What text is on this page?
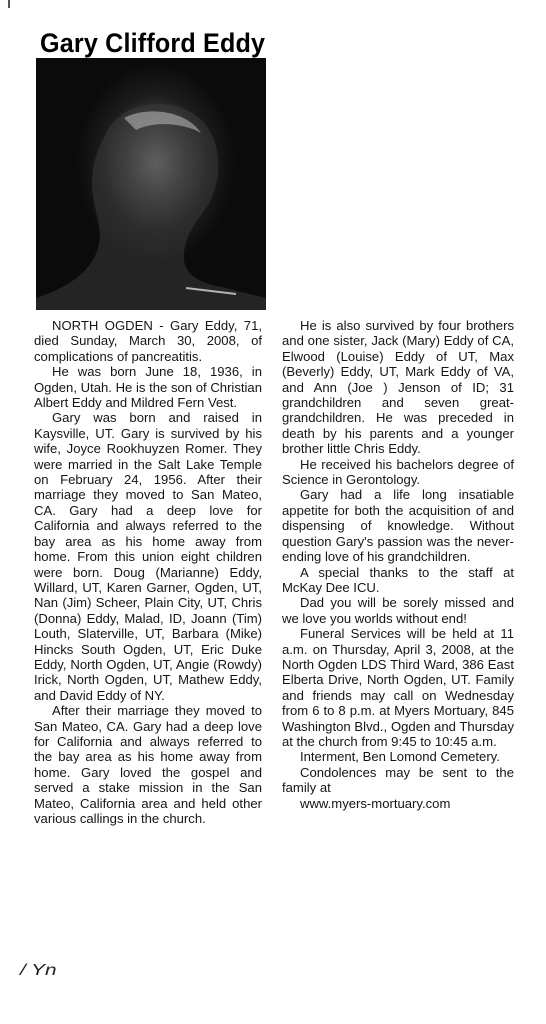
Gary Clifford Eddy

NORTH OGDEN - Gary Eddy, 71, died Sunday, March 30, 2008, of complications of pancreatitis.

He was born June 18, 1936, in Ogden, Utah. He is the son of Christian Albert Eddy and Mildred Fern Vest.

Gary was born and raised in Kaysville, UT. Gary is survived by his wife, Joyce Rookhuyzen Romer. They were married in the Salt Lake Temple on February 24, 1956. After their marriage they moved to San Mateo, CA. Gary had a deep love for California and always referred to the bay area as his home away from home. From this union eight children were born. Doug (Marianne) Eddy, Willard, UT, Karen Garner, Ogden, UT, Nan (Jim) Scheer, Plain City, UT, Chris (Donna) Eddy, Malad, ID, Joann (Tim) Louth, Slaterville, UT, Barbara (Mike) Hincks South Ogden, UT, Eric Duke Eddy, North Ogden, UT, Angie (Rowdy) Irick, North Ogden, UT, Mathew Eddy, and David Eddy of NY.

After their marriage they moved to San Mateo, CA. Gary had a deep love for California and always referred to the bay area as his home away from home. Gary loved the gospel and served a stake mission in the San Mateo, California area and held other various callings in the church.

He is also survived by four brothers and one sister, Jack (Mary) Eddy of CA, Elwood (Louise) Eddy of UT, Max (Beverly) Eddy, UT, Mark Eddy of VA, and Ann (Joe ) Jenson of ID; 31 grandchildren and seven great-grandchildren. He was preceded in death by his parents and a younger brother little Chris Eddy.

He received his bachelors degree of Science in Gerontology.

Gary had a life long insatiable appetite for both the acquisition of and dispensing of knowledge. Without question Gary's passion was the never-ending love of his grandchildren.

A special thanks to the staff at McKay Dee ICU.

Dad you will be sorely missed and we love you worlds without end!

Funeral Services will be held at 11 a.m. on Thursday, April 3, 2008, at the North Ogden LDS Third Ward, 386 East Elberta Drive, North Ogden, UT. Family and friends may call on Wednesday from 6 to 8 p.m. at Myers Mortuary, 845 Washington Blvd., Ogden and Thursday at the church from 9:45 to 10:45 a.m.

Interment, Ben Lomond Cemetery.

Condolences may be sent to the family at

www.myers-mortuary.com

/ Yn
